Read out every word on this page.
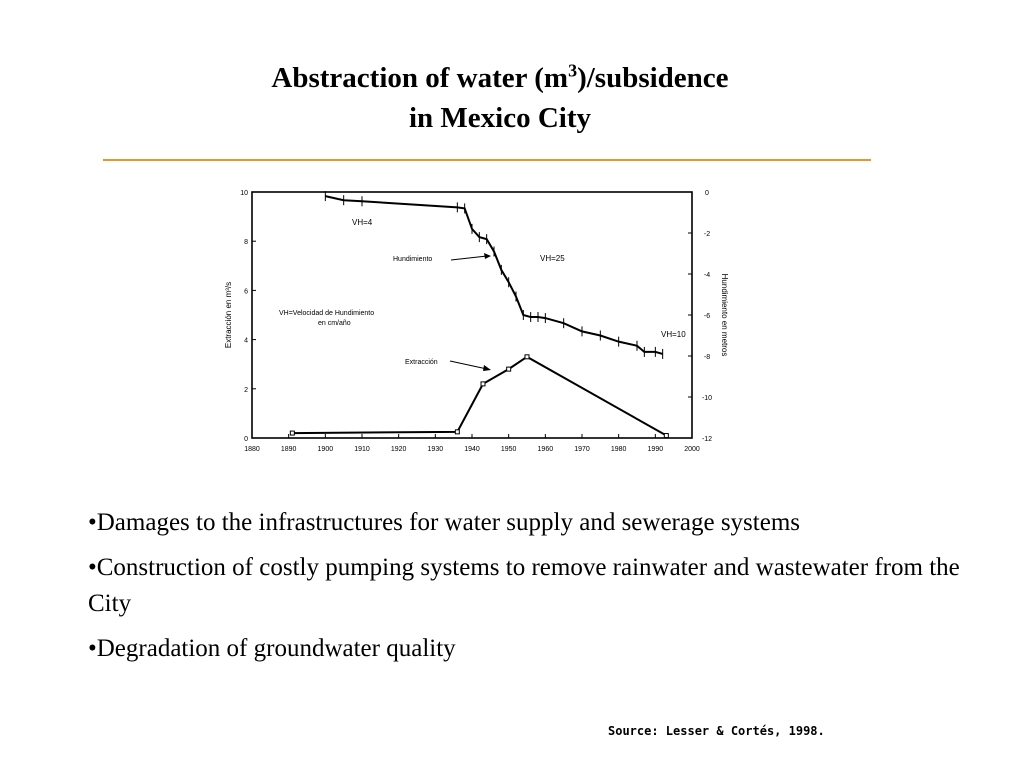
Abstraction of water $(m^3)$/subsidence
in Mexico City
Extracción en m³/s	Hundimiento en metros
1880	1890	1900	1910	1920	1930	1940	1950	1960	1970	1980	1990	2000
0
2
4
6
8
10	0
-2
-4
-6
-8
-10
-12
VH=4
Hundimiento	VH=25
VH=Velocidad de Hundimiento
en cm/año
VH=10
Extracción
•Damages to the infrastructures for water supply and sewerage systems
•Construction of costly pumping systems to remove rainwater and wastewater from the City
•Degradation of groundwater quality
Source: Lesser & Cortés, 1998.
